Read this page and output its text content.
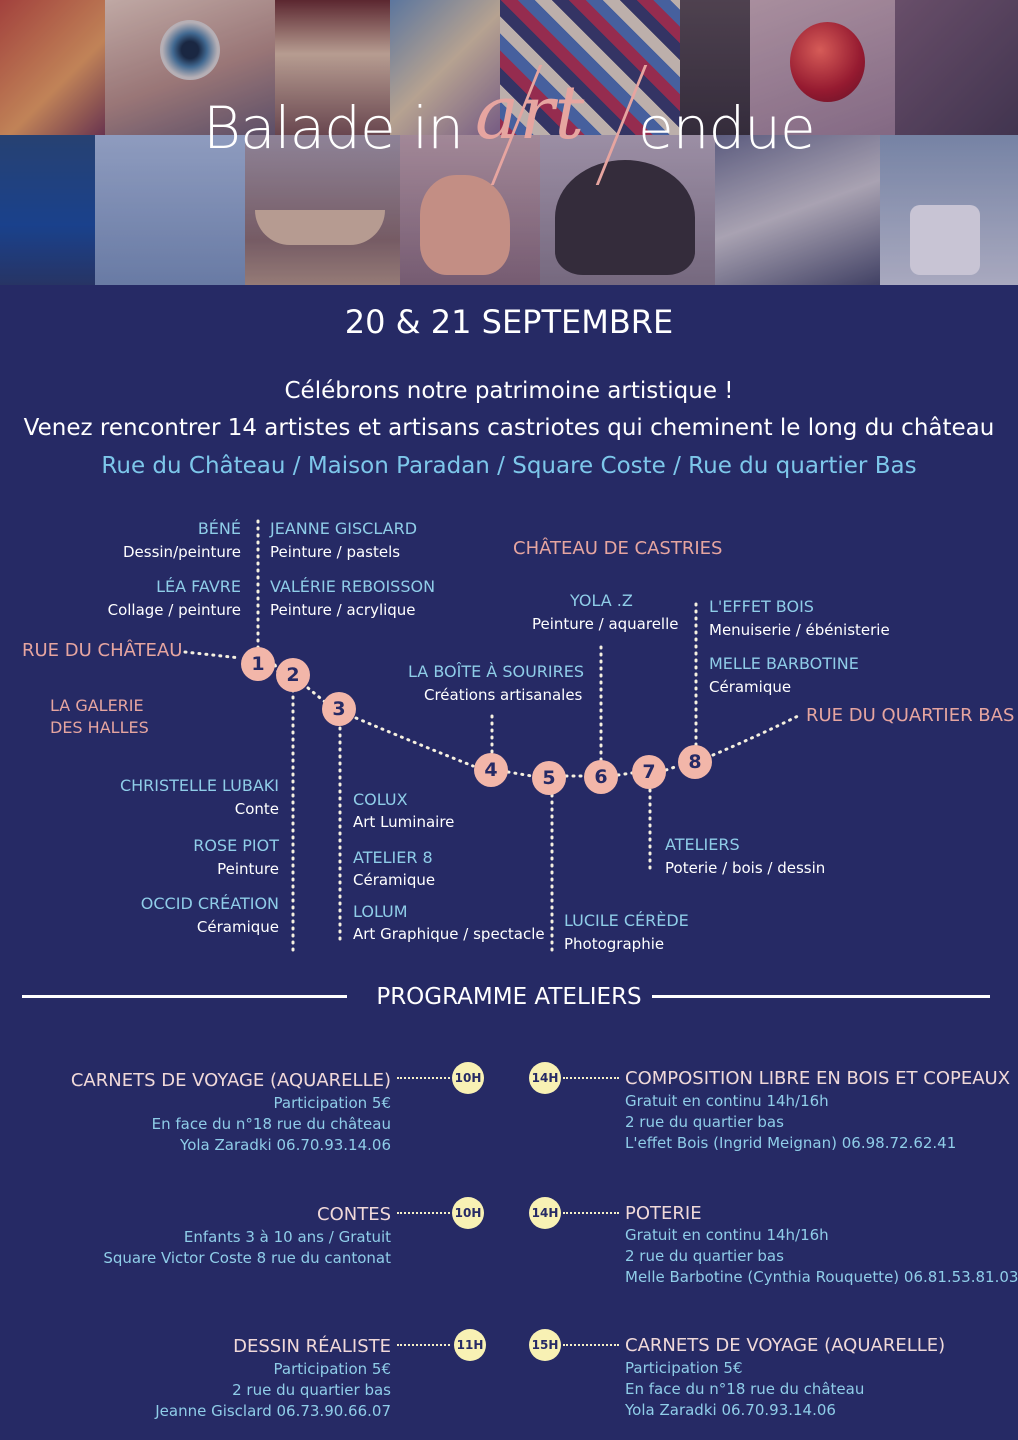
Balade in art endue
20 & 21 SEPTEMBRE
Célébrons notre patrimoine artistique !
Venez rencontrer 14 artistes et artisans castriotes qui cheminent le long du château
Rue du Château / Maison Paradan / Square Coste / Rue du quartier Bas
1	2
3
4	5	6	7	8
RUE DU CHÂTEAU
RUE DU QUARTIER BAS
CHÂTEAU DE CASTRIES
LA GALERIE
DES HALLES
BÉNÉ
Dessin/peinture
LÉA FAVRE
Collage / peinture
JEANNE GISCLARD
Peinture / pastels
VALÉRIE REBOISSON
Peinture / acrylique
CHRISTELLE LUBAKI
Conte
ROSE PIOT
Peinture
OCCID CRÉATION
Céramique
COLUX
Art Luminaire
ATELIER 8
Céramique
LOLUM
Art Graphique / spectacle
LA BOÎTE À SOURIRES
Créations artisanales
LUCILE CÉRÈDE
Photographie
YOLA .Z
Peinture / aquarelle
ATELIERS
Poterie / bois / dessin
L'EFFET BOIS
Menuiserie / ébénisterie
MELLE BARBOTINE
Céramique
PROGRAMME ATELIERS
CARNETS DE VOYAGE (AQUARELLE)	10H
Participation 5€
En face du n°18 rue du château
Yola Zaradki 06.70.93.14.06
CONTES	10H
Enfants 3 à 10 ans / Gratuit
Square Victor Coste 8 rue du cantonat
DESSIN RÉALISTE	11H
Participation 5€
2 rue du quartier bas
Jeanne Gisclard 06.73.90.66.07
14H	COMPOSITION LIBRE EN BOIS ET COPEAUX
Gratuit en continu 14h/16h
2 rue du quartier bas
L'effet Bois (Ingrid Meignan) 06.98.72.62.41
14H	POTERIE
Gratuit en continu 14h/16h
2 rue du quartier bas
Melle Barbotine (Cynthia Rouquette) 06.81.53.81.03
15H	CARNETS DE VOYAGE (AQUARELLE)
Participation 5€
En face du n°18 rue du château
Yola Zaradki 06.70.93.14.06
